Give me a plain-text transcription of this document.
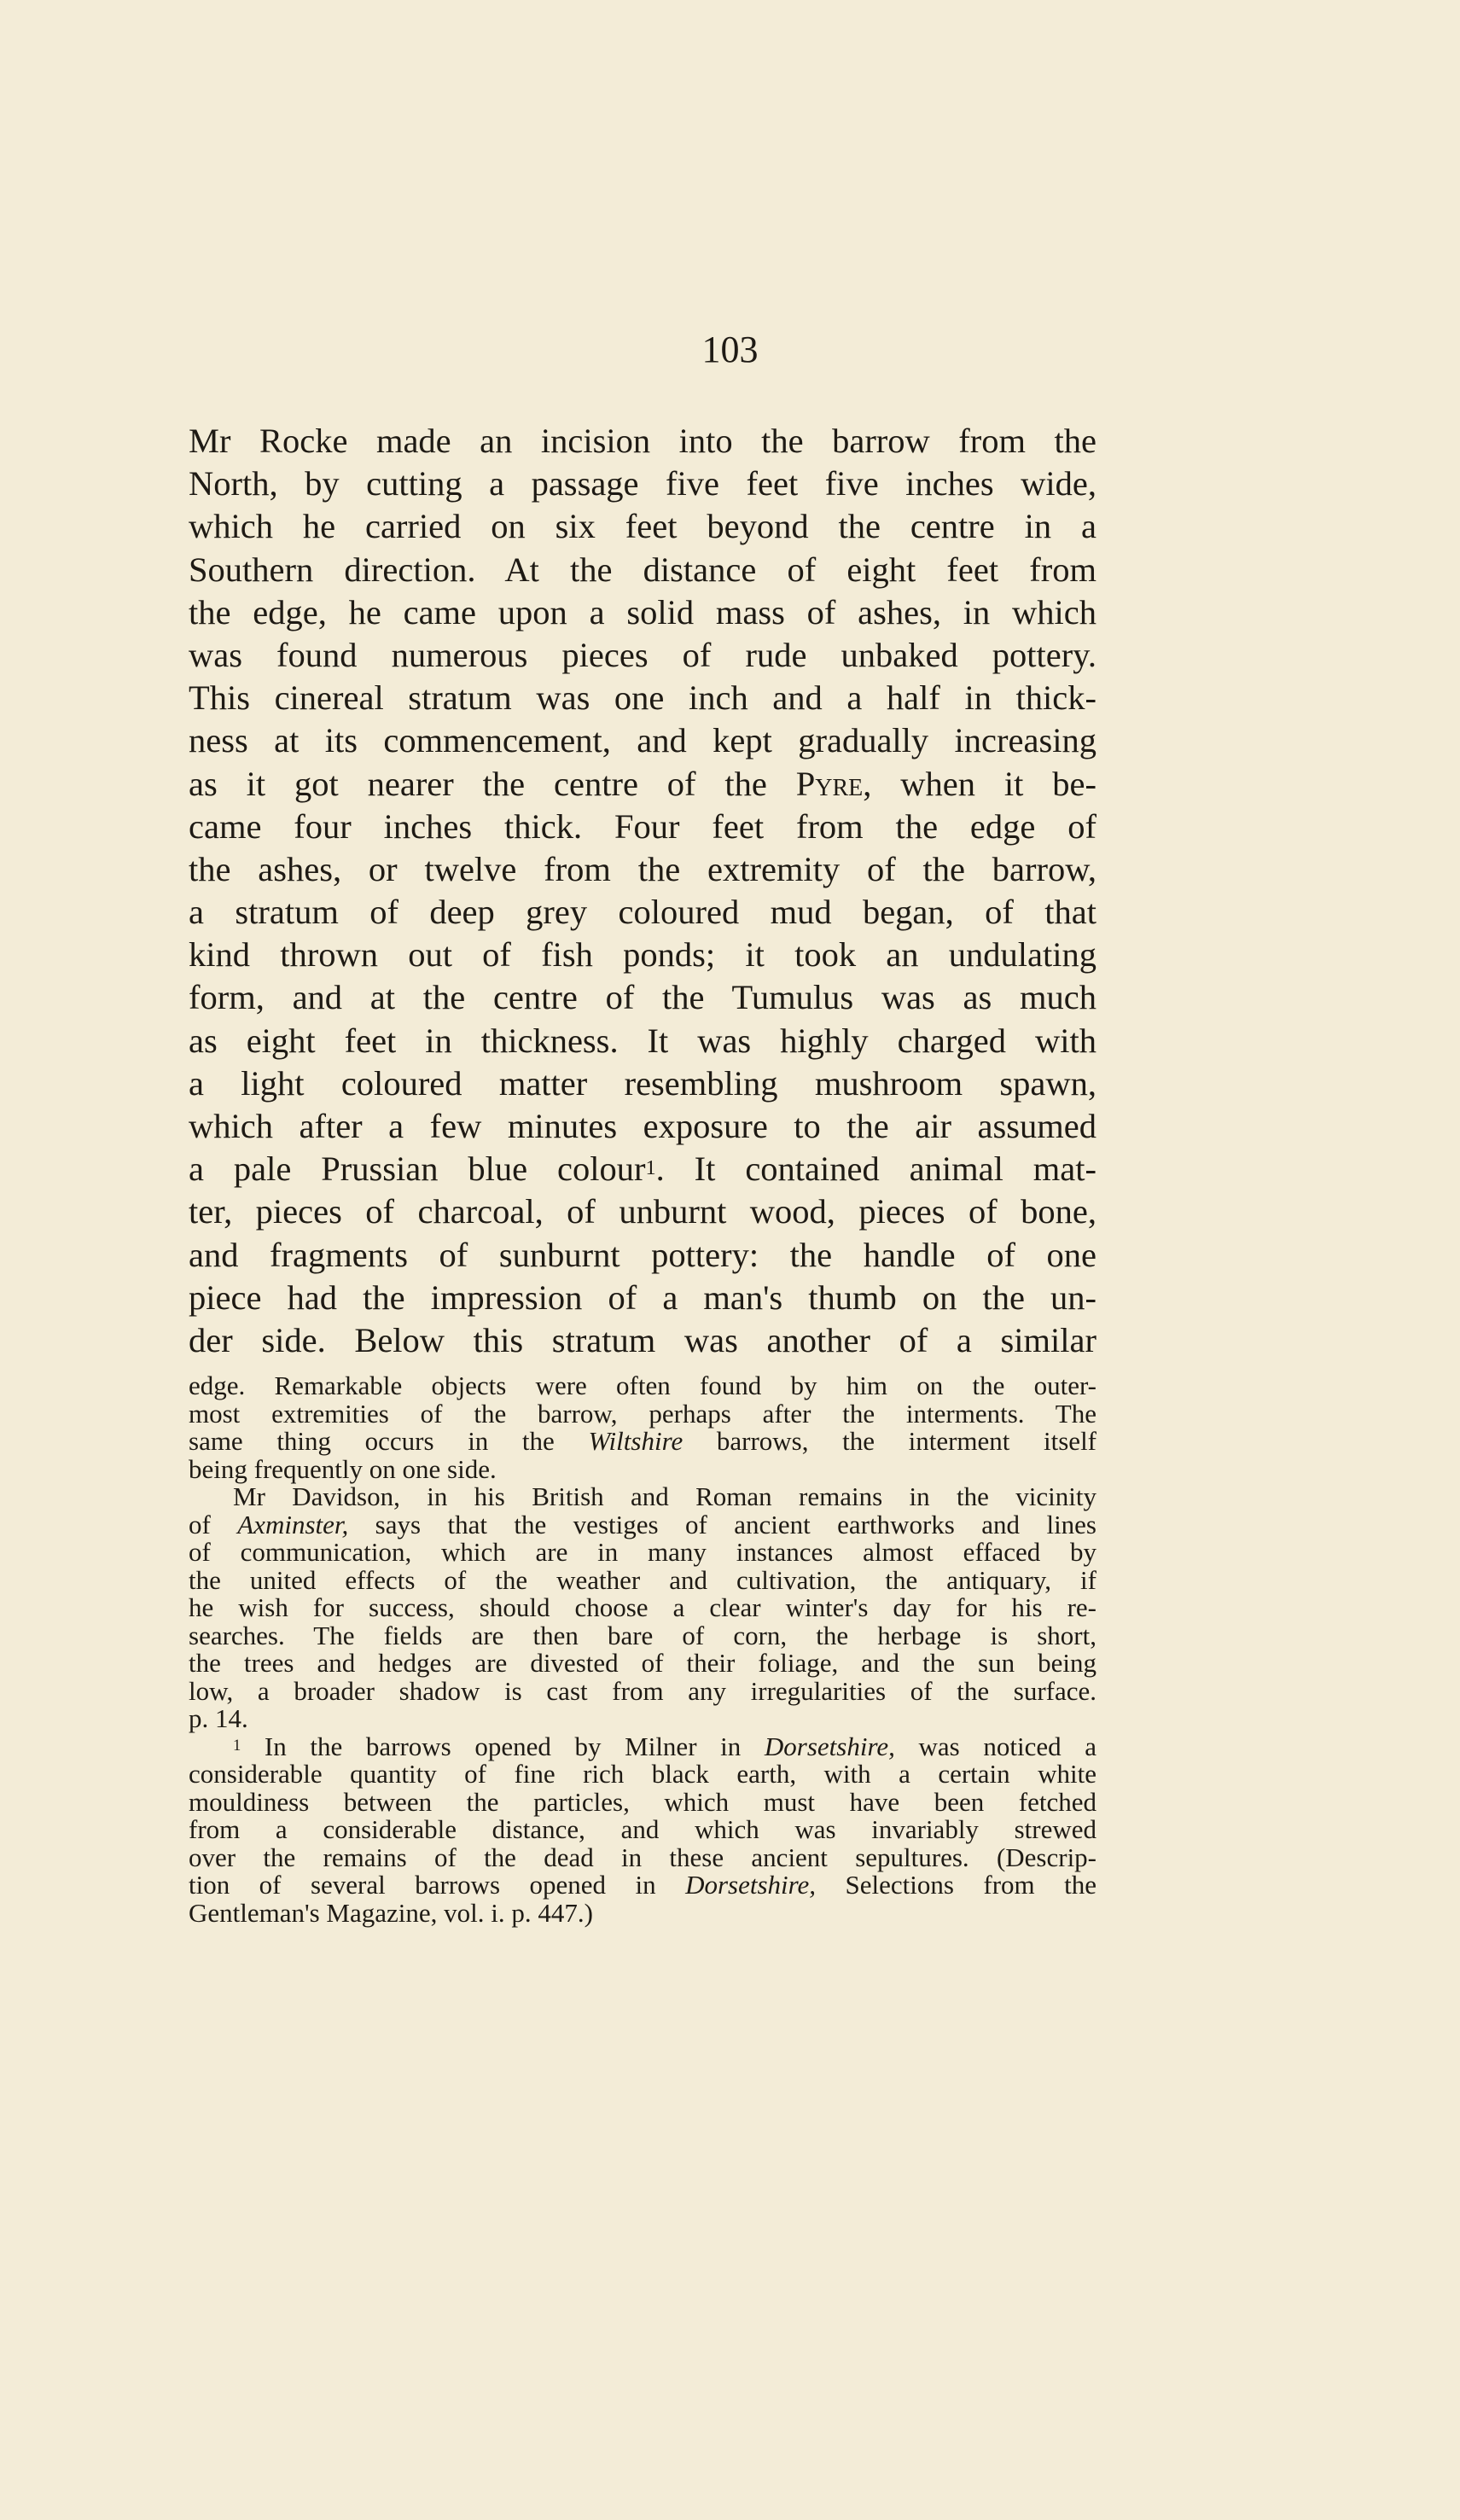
103
Mr Rocke made an incision into the barrow from the
North, by cutting a passage five feet five inches wide,
which he carried on six feet beyond the centre in a
Southern direction. At the distance of eight feet from
the edge, he came upon a solid mass of ashes, in which
was found numerous pieces of rude unbaked pottery.
This cinereal stratum was one inch and a half in thick-
ness at its commencement, and kept gradually increasing
as it got nearer the centre of the Pyre, when it be-
came four inches thick. Four feet from the edge of
the ashes, or twelve from the extremity of the barrow,
a stratum of deep grey coloured mud began, of that
kind thrown out of fish ponds; it took an undulating
form, and at the centre of the Tumulus was as much
as eight feet in thickness. It was highly charged with
a light coloured matter resembling mushroom spawn,
which after a few minutes exposure to the air assumed
a pale Prussian blue colour$^1$. It contained animal mat-
ter, pieces of charcoal, of unburnt wood, pieces of bone,
and fragments of sunburnt pottery: the handle of one
piece had the impression of a man's thumb on the un-
der side. Below this stratum was another of a similar
edge. Remarkable objects were often found by him on the outer-
most extremities of the barrow, perhaps after the interments. The
same thing occurs in the Wiltshire barrows, the interment itself
being frequently on one side.
Mr Davidson, in his British and Roman remains in the vicinity
of Axminster, says that the vestiges of ancient earthworks and lines
of communication, which are in many instances almost effaced by
the united effects of the weather and cultivation, the antiquary, if
he wish for success, should choose a clear winter's day for his re-
searches. The fields are then bare of corn, the herbage is short,
the trees and hedges are divested of their foliage, and the sun being
low, a broader shadow is cast from any irregularities of the surface.
p. 14.
$^1$ In the barrows opened by Milner in Dorsetshire, was noticed a
considerable quantity of fine rich black earth, with a certain white
mouldiness between the particles, which must have been fetched
from a considerable distance, and which was invariably strewed
over the remains of the dead in these ancient sepultures. (Descrip-
tion of several barrows opened in Dorsetshire, Selections from the
Gentleman's Magazine, vol. i. p. 447.)
